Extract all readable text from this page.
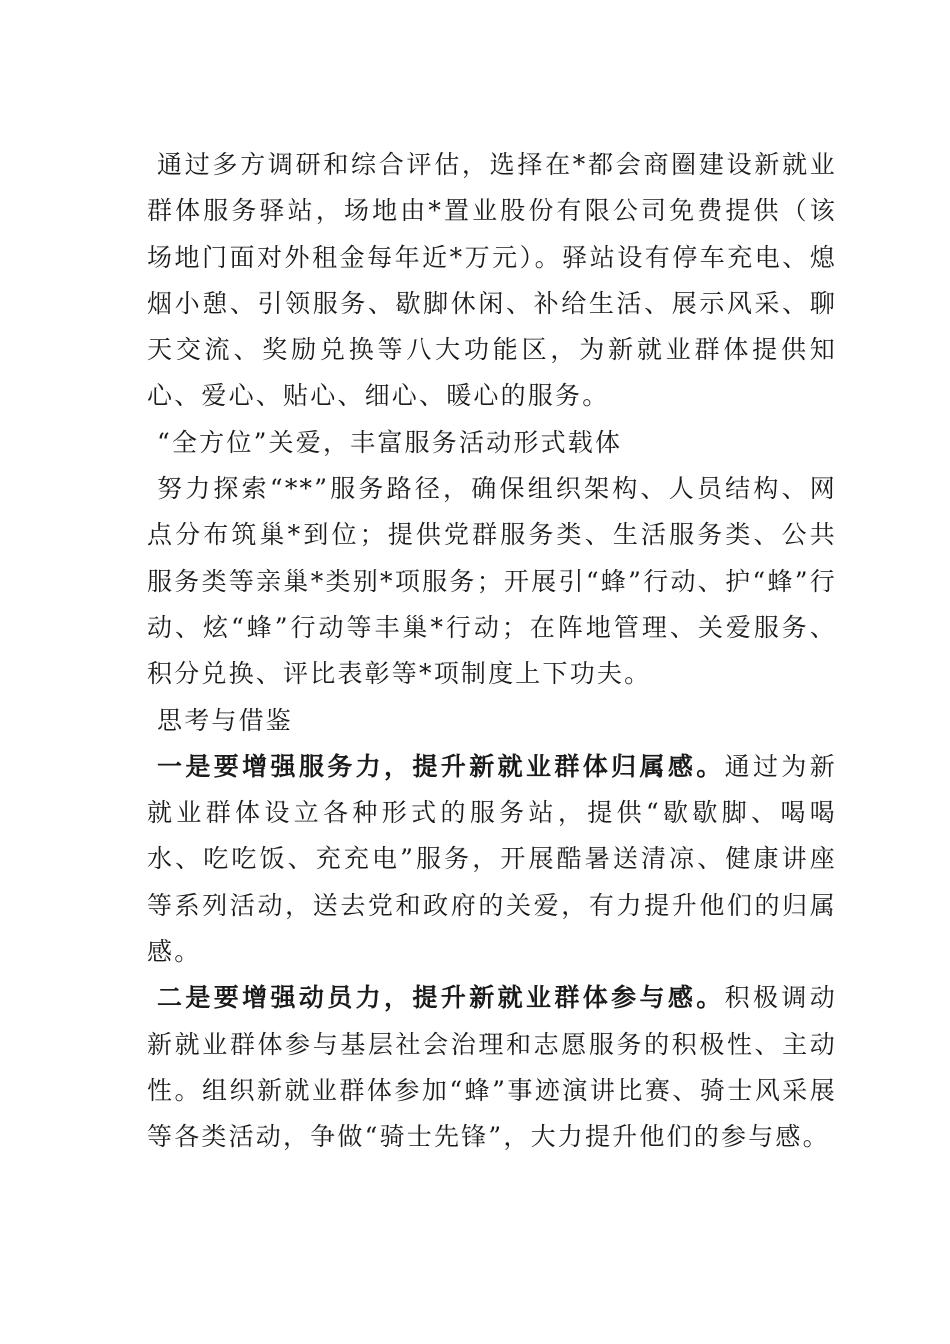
通过多方调研和综合评估，选择在*都会商圈建设新就业群体服务驿站，场地由*置业股份有限公司免费提供（该场地门面对外租金每年近*万元）。驿站设有停车充电、熄烟小憩、引领服务、歇脚休闲、补给生活、展示风采、聊天交流、奖励兑换等八大功能区，为新就业群体提供知心、爱心、贴心、细心、暖心的服务。

“全方位”关爱，丰富服务活动形式载体

努力探索“**”服务路径，确保组织架构、人员结构、网点分布筑巢*到位；提供党群服务类、生活服务类、公共服务类等亲巢*类别*项服务；开展引“蜂”行动、护“蜂”行动、炫“蜂”行动等丰巢*行动；在阵地管理、关爱服务、积分兑换、评比表彰等*项制度上下功夫。

思考与借鉴

一是要增强服务力，提升新就业群体归属感。通过为新就业群体设立各种形式的服务站，提供“歇歇脚、喝喝水、吃吃饭、充充电”服务，开展酷暑送清凉、健康讲座等系列活动，送去党和政府的关爱，有力提升他们的归属感。

二是要增强动员力，提升新就业群体参与感。积极调动新就业群体参与基层社会治理和志愿服务的积极性、主动性。组织新就业群体参加“蜂”事迹演讲比赛、骑士风采展等各类活动，争做“骑士先锋”，大力提升他们的参与感。
